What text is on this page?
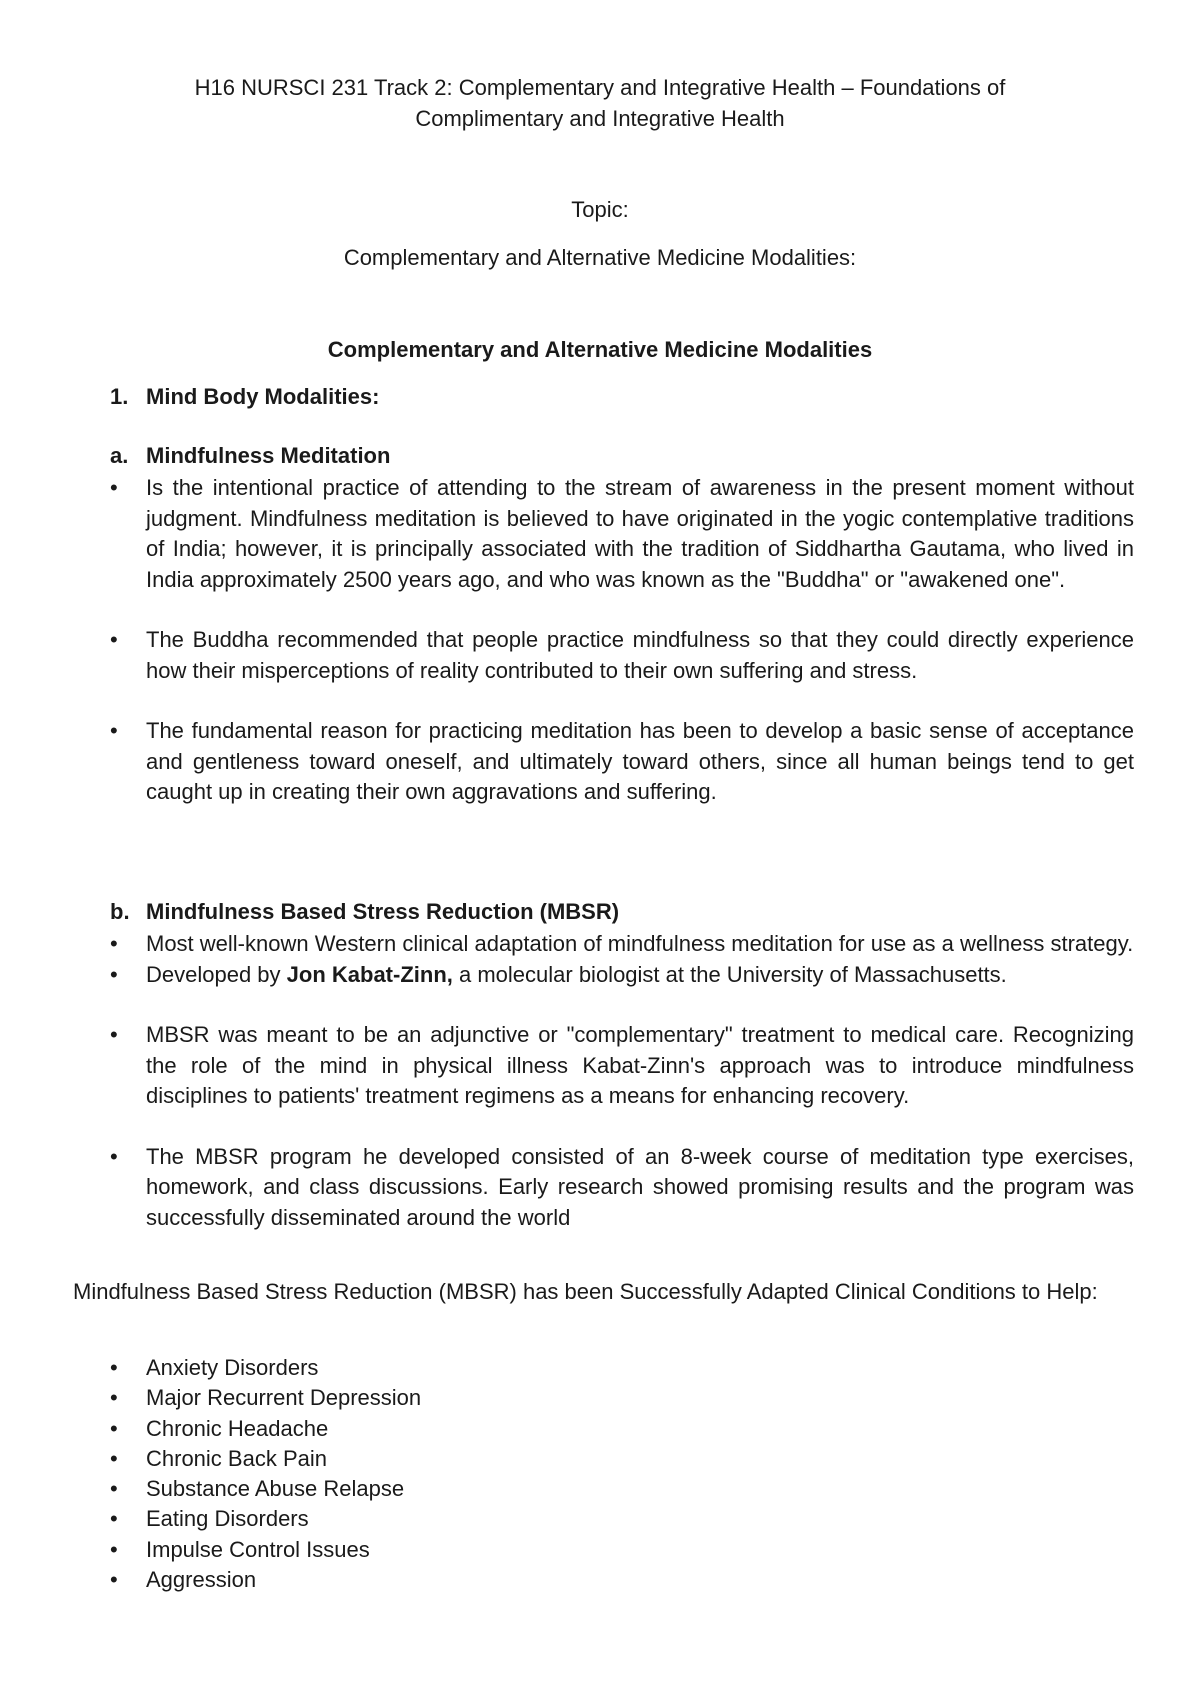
H16 NURSCI 231 Track 2: Complementary and Integrative Health – Foundations of
Complimentary and Integrative Health
Topic:
Complementary and Alternative Medicine Modalities:
Complementary and Alternative Medicine Modalities
1. Mind Body Modalities:
a. Mindfulness Meditation
• Is the intentional practice of attending to the stream of awareness in the present moment without judgment. Mindfulness meditation is believed to have originated in the yogic contemplative traditions of India; however, it is principally associated with the tradition of Siddhartha Gautama, who lived in India approximately 2500 years ago, and who was known as the "Buddha" or "awakened one".
• The Buddha recommended that people practice mindfulness so that they could directly experience how their misperceptions of reality contributed to their own suffering and stress.
• The fundamental reason for practicing meditation has been to develop a basic sense of acceptance and gentleness toward oneself, and ultimately toward others, since all human beings tend to get caught up in creating their own aggravations and suffering.
b. Mindfulness Based Stress Reduction (MBSR)
• Most well-known Western clinical adaptation of mindfulness meditation for use as a wellness strategy.
• Developed by Jon Kabat-Zinn, a molecular biologist at the University of Massachusetts.
• MBSR was meant to be an adjunctive or "complementary" treatment to medical care. Recognizing the role of the mind in physical illness Kabat-Zinn's approach was to introduce mindfulness disciplines to patients' treatment regimens as a means for enhancing recovery.
• The MBSR program he developed consisted of an 8-week course of meditation type exercises, homework, and class discussions. Early research showed promising results and the program was successfully disseminated around the world
Mindfulness Based Stress Reduction (MBSR) has been Successfully Adapted Clinical Conditions to Help:
• Anxiety Disorders
• Major Recurrent Depression
• Chronic Headache
• Chronic Back Pain
• Substance Abuse Relapse
• Eating Disorders
• Impulse Control Issues
• Aggression
